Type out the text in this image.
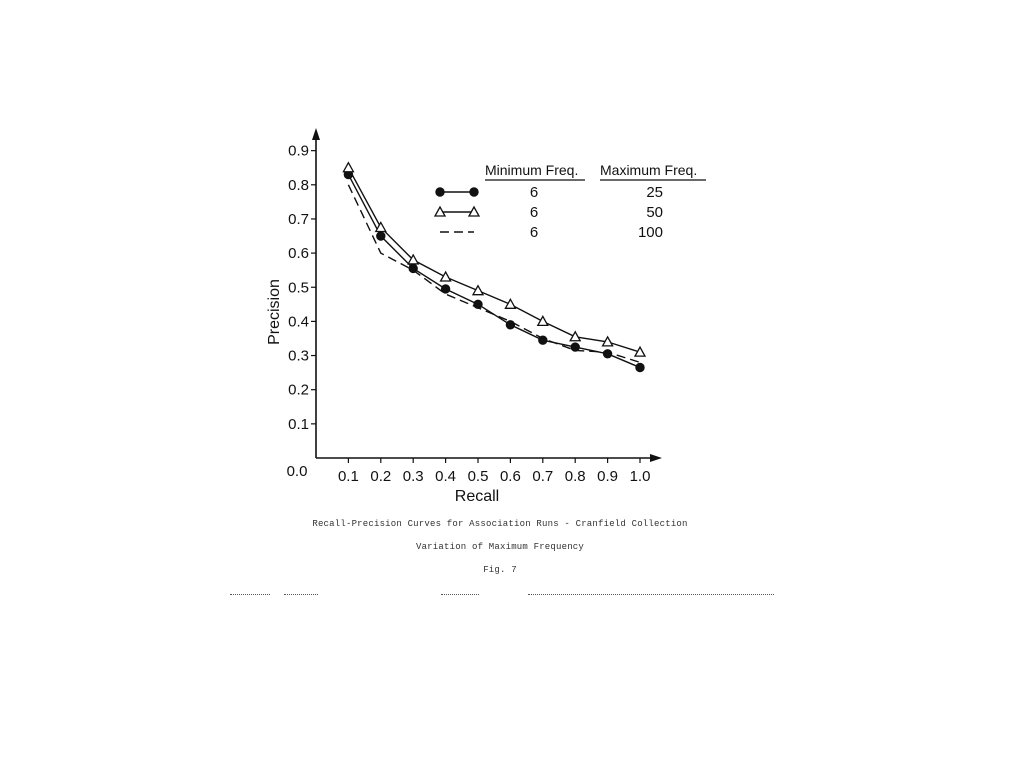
0.1 0.2 0.3 0.4 0.5 0.6 0.7 0.8 0.9 1.0
0.1
0.2
0.3
0.4
0.5
0.6
0.7
0.8
0.9
Minimum Freq. Maximum Freq.
6	25
6	50
6	100
Recall
Precision
0.0
Recall-Precision Curves for Association Runs - Cranfield Collection
Variation of Maximum Frequency
Fig. 7
